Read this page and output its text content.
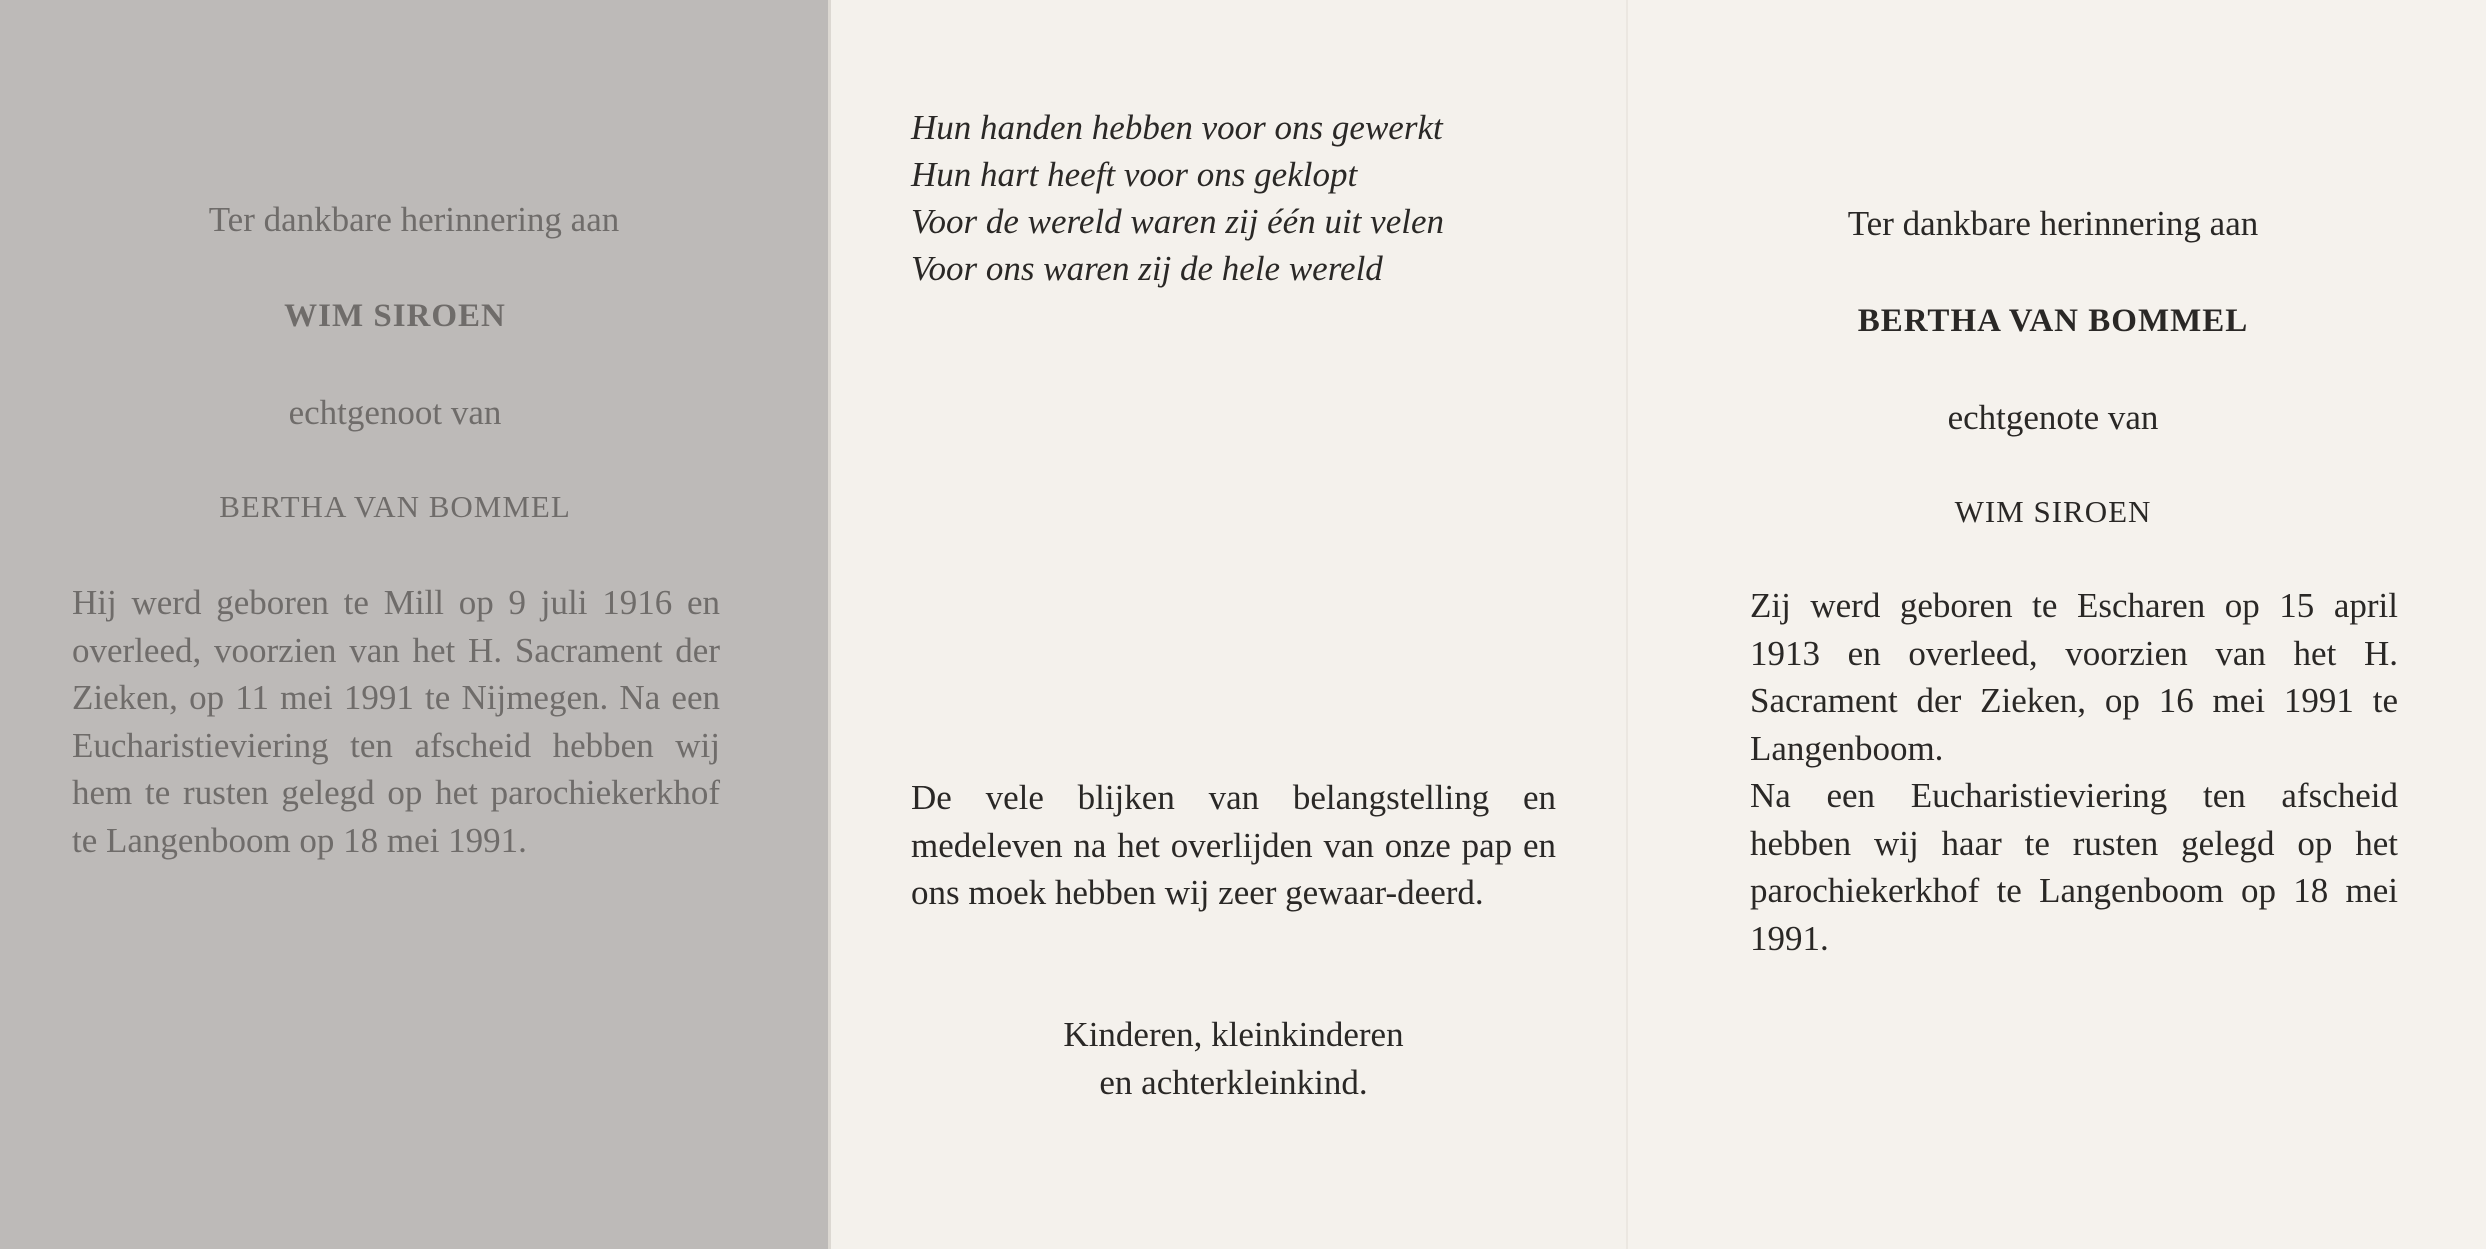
Ter dankbare herinnering aan
WIM SIROEN
echtgenoot van
BERTHA VAN BOMMEL

Hij werd geboren te Mill op 9 juli 1916 en overleed, voorzien van het H. Sacrament der Zieken, op 11 mei 1991 te Nijmegen. Na een Eucharistieviering ten afscheid hebben wij hem te rusten gelegd op het parochiekerkhof te Langenboom op 18 mei 1991.

Hun handen hebben voor ons gewerkt
Hun hart heeft voor ons geklopt
Voor de wereld waren zij één uit velen
Voor ons waren zij de hele wereld

De vele blijken van belangstelling en medeleven na het overlijden van onze pap en ons moek hebben wij zeer gewaar-deerd.

Kinderen, kleinkinderen
en achterkleinkind.
Ter dankbare herinnering aan
BERTHA VAN BOMMEL
echtgenote van
WIM SIROEN

Zij werd geboren te Escharen op 15 april 1913 en overleed, voorzien van het H. Sacrament der Zieken, op 16 mei 1991 te Langenboom.

Na een Eucharistieviering ten afscheid hebben wij haar te rusten gelegd op het parochiekerkhof te Langenboom op 18 mei 1991.
